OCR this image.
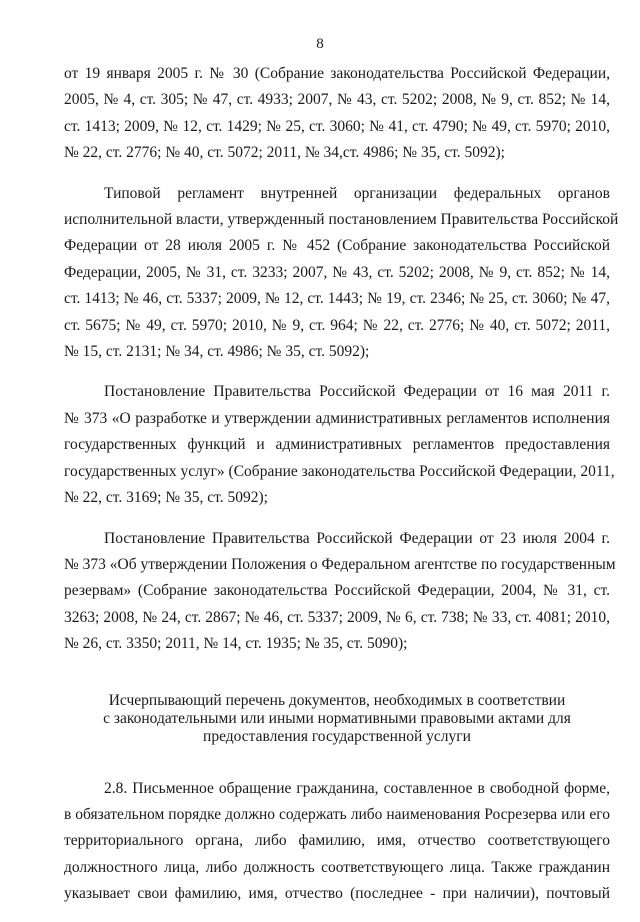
8
от 19 января 2005 г. № 30 (Собрание законодательства Российской Федерации,
2005, № 4, ст. 305; № 47, ст. 4933; 2007, № 43, ст. 5202; 2008, № 9, ст. 852; № 14,
ст. 1413; 2009, № 12, ст. 1429; № 25, ст. 3060; № 41, ст. 4790; № 49, ст. 5970; 2010,
№ 22, ст. 2776; № 40, ст. 5072; 2011, № 34,ст. 4986; № 35, ст. 5092);
Типовой регламент внутренней организации федеральных органов
исполнительной власти, утвержденный постановлением Правительства Российской
Федерации от 28 июля 2005 г. № 452 (Собрание законодательства Российской
Федерации, 2005, № 31, ст. 3233; 2007, № 43, ст. 5202; 2008, № 9, ст. 852; № 14,
ст. 1413; № 46, ст. 5337; 2009, № 12, ст. 1443; № 19, ст. 2346; № 25, ст. 3060; № 47,
ст. 5675; № 49, ст. 5970; 2010, № 9, ст. 964; № 22, ст. 2776; № 40, ст. 5072; 2011,
№ 15, ст. 2131; № 34, ст. 4986; № 35, ст. 5092);
Постановление Правительства Российской Федерации от 16 мая 2011 г.
№ 373 «О разработке и утверждении административных регламентов исполнения
государственных функций и административных регламентов предоставления
государственных услуг» (Собрание законодательства Российской Федерации, 2011,
№ 22, ст. 3169; № 35, ст. 5092);
Постановление Правительства Российской Федерации от 23 июля 2004 г.
№ 373 «Об утверждении Положения о Федеральном агентстве по государственным
резервам» (Собрание законодательства Российской Федерации, 2004, № 31, ст.
3263; 2008, № 24, ст. 2867; № 46, ст. 5337; 2009, № 6, ст. 738; № 33, ст. 4081; 2010,
№ 26, ст. 3350; 2011, № 14, ст. 1935; № 35, ст. 5090);
Исчерпывающий перечень документов, необходимых в соответствии
с законодательными или иными нормативными правовыми актами для
предоставления государственной услуги
2.8. Письменное обращение гражданина, составленное в свободной форме,
в обязательном порядке должно содержать либо наименования Росрезерва или его
территориального органа, либо фамилию, имя, отчество соответствующего
должностного лица, либо должность соответствующего лица. Также гражданин
указывает свои фамилию, имя, отчество (последнее - при наличии), почтовый
